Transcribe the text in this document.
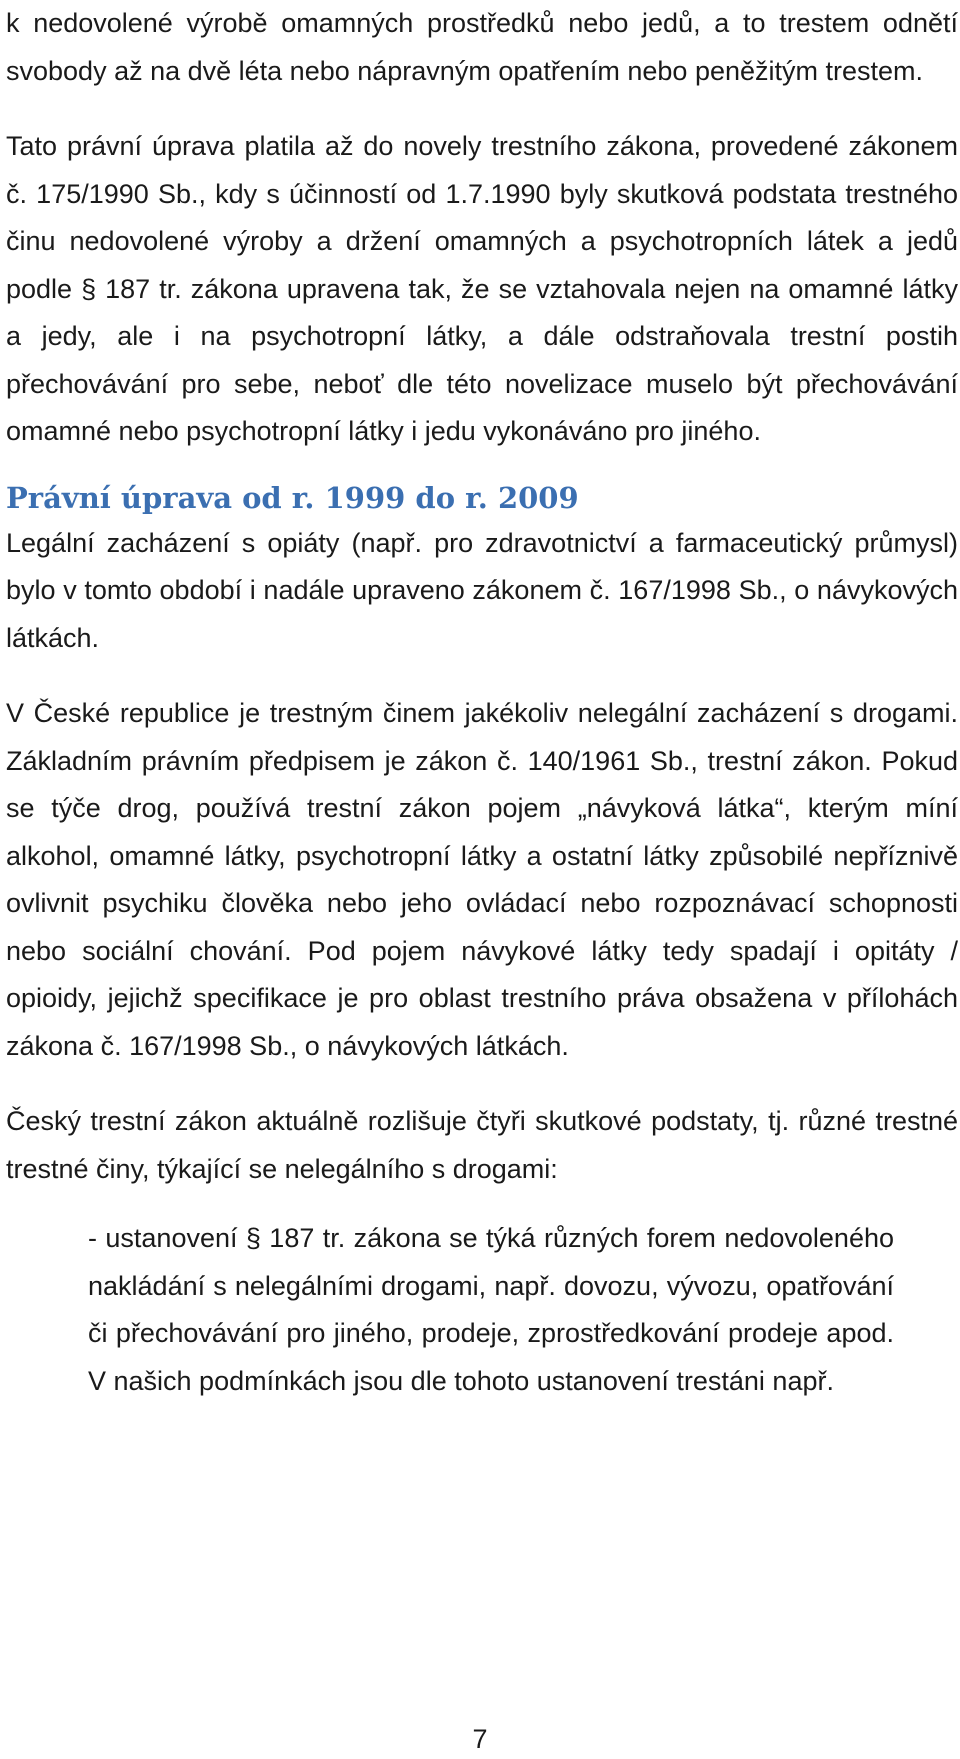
k nedovolené výrobě omamných prostředků nebo jedů, a to trestem odnětí svobody až na dvě léta nebo nápravným opatřením nebo peněžitým trestem.

Tato právní úprava platila až do novely trestního zákona, provedené zákonem č. 175/1990 Sb., kdy s účinností od 1.7.1990 byly skutková podstata trestného činu nedovolené výroby a držení omamných a psychotropních látek a jedů podle § 187 tr. zákona upravena tak, že se vztahovala nejen na omamné látky a jedy, ale i na psychotropní látky, a dále odstraňovala trestní postih přechovávání pro sebe, neboť dle této novelizace muselo být přechovávání omamné nebo psychotropní látky i jedu vykonáváno pro jiného.

Právní úprava od r. 1999 do r. 2009

Legální zacházení s opiáty (např. pro zdravotnictví a farmaceutický průmysl) bylo v tomto období i nadále upraveno zákonem č. 167/1998 Sb., o návykových látkách.

V České republice je trestným činem jakékoliv nelegální zacházení s drogami. Základním právním předpisem je zákon č. 140/1961 Sb., trestní zákon. Pokud se týče drog, používá trestní zákon pojem „návyková látka“, kterým míní alkohol, omamné látky, psychotropní látky a ostatní látky způsobilé nepříznivě ovlivnit psychiku člověka nebo jeho ovládací nebo rozpoznávací schopnosti nebo sociální chování. Pod pojem návykové látky tedy spadají i opitáty / opioidy, jejichž specifikace je pro oblast trestního práva obsažena v přílohách zákona č. 167/1998 Sb., o návykových látkách.

Český trestní zákon aktuálně rozlišuje čtyři skutkové podstaty, tj. různé trestné trestné činy, týkající se nelegálního s drogami:

- ustanovení § 187 tr. zákona se týká různých forem nedovoleného nakládání s nelegálními drogami, např. dovozu, vývozu, opatřování či přechovávání pro jiného, prodeje, zprostředkování prodeje apod. V našich podmínkách jsou dle tohoto ustanovení trestáni např.

7
